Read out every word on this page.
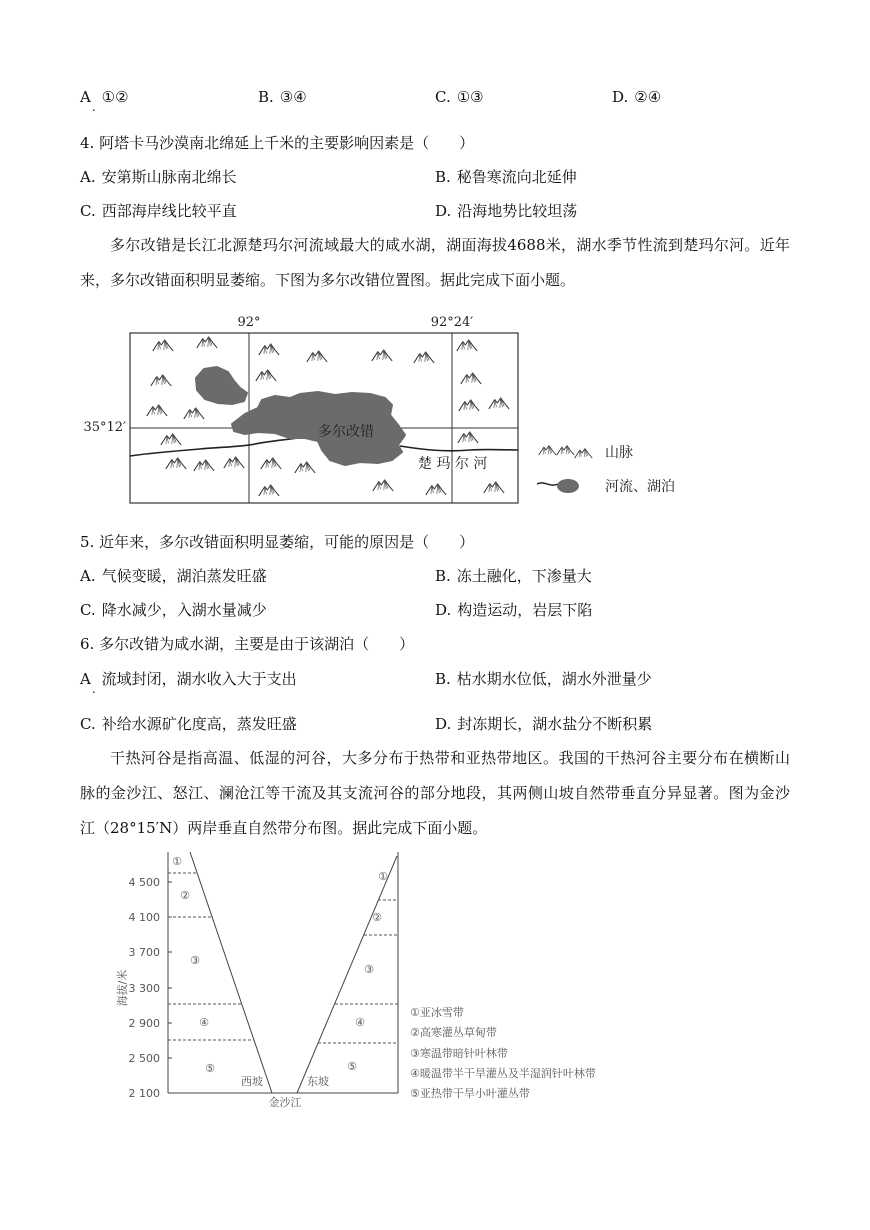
$A_.①②$	B. ③④	C. ①③	D. ②④
4. 阿塔卡马沙漠南北绵延上千米的主要影响因素是（　　）
A. 安第斯山脉南北绵长	B. 秘鲁寒流向北延伸
C. 西部海岸线比较平直	D. 沿海地势比较坦荡
多尔改错是长江北源楚玛尔河流域最大的咸水湖，湖面海拔4688米，湖水季节性流到楚玛尔河。近年
来，多尔改错面积明显萎缩。下图为多尔改错位置图。据此完成下面小题。
92°	92°24′
35°12′	多尔改错
楚 玛 尔 河
山脉
河流、湖泊
5. 近年来，多尔改错面积明显萎缩，可能的原因是（　　）
A. 气候变暖，湖泊蒸发旺盛	B. 冻土融化，下渗量大
C. 降水减少，入湖水量减少	D. 构造运动，岩层下陷
6. 多尔改错为咸水湖，主要是由于该湖泊（　　）
$A_.$流域封闭，湖水收入大于支出	B. 枯水期水位低，湖水外泄量少
C. 补给水源矿化度高，蒸发旺盛	D. 封冻期长，湖水盐分不断积累
干热河谷是指高温、低湿的河谷，大多分布于热带和亚热带地区。我国的干热河谷主要分布在横断山
脉的金沙江、怒江、澜沧江等干流及其支流河谷的部分地段，其两侧山坡自然带垂直分异显著。图为金沙
江（28°15′N）两岸垂直自然带分布图。据此完成下面小题。
4 500
4 100
3 700
3 300
2 900
2 500
2 100
海拔/米
①
②
③
④
⑤
①
②
③
④
⑤
西坡	东坡
金沙江
①亚冰雪带
②高寒灌丛草甸带
③寒温带暗针叶林带
④暖温带半干旱灌丛及半湿润针叶林带
⑤亚热带干旱小叶灌丛带
